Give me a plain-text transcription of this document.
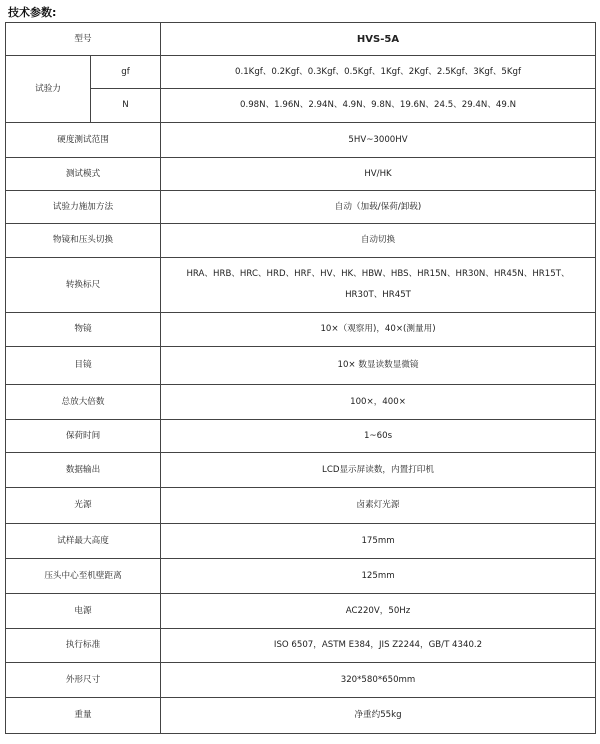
技术参数:
型号		HVS-5A
试验力	gf	0.1Kgf、0.2Kgf、0.3Kgf、0.5Kgf、1Kgf、2Kgf、2.5Kgf、3Kgf、5Kgf
	N	0.98N、1.96N、2.94N、4.9N、9.8N、19.6N、24.5、29.4N、49.N
硬度测试范围		5HV~3000HV
测试模式		HV/HK
试验力施加方法		自动（加载/保荷/卸载)
物镜和压头切换		自动切换
转换标尺		HRA、HRB、HRC、HRD、HRF、HV、HK、HBW、HBS、HR15N、HR30N、HR45N、HR15T、HR30T、HR45T
物镜		10×（观察用)，40×(测量用)
目镜		10× 数显读数显微镜
总放大倍数		100×，400×
保荷时间		1~60s
数据输出		LCD显示屏读数，内置打印机
光源		卤素灯光源
试样最大高度		175mm
压头中心至机壁距离		125mm
电源		AC220V，50Hz
执行标准		ISO 6507，ASTM E384，JIS Z2244，GB/T 4340.2
外形尺寸		320*580*650mm
重量		净重约55kg
